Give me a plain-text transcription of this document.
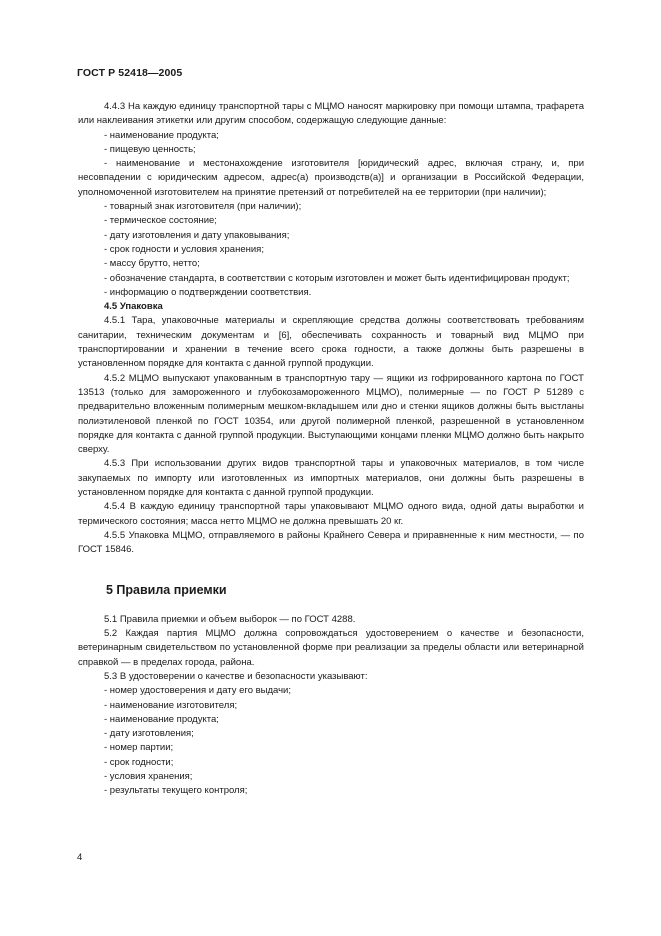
ГОСТ Р 52418—2005

4.4.3 На каждую единицу транспортной тары с МЦМО наносят маркировку при помощи штампа, трафарета или наклеивания этикетки или другим способом, содержащую следующие данные:

- наименование продукта;

- пищевую ценность;

- наименование и местонахождение изготовителя [юридический адрес, включая страну, и, при несовпадении с юридическим адресом, адрес(а) производств(а)] и организации в Российской Федерации, уполномоченной изготовителем на принятие претензий от потребителей на ее территории (при наличии);

- товарный знак изготовителя (при наличии);

- термическое состояние;

- дату изготовления и дату упаковывания;

- срок годности и условия хранения;

- массу брутто, нетто;

- обозначение стандарта, в соответствии с которым изготовлен и может быть идентифицирован продукт;

- информацию о подтверждении соответствия.

4.5 Упаковка

4.5.1 Тара, упаковочные материалы и скрепляющие средства должны соответствовать требованиям санитарии, техническим документам и [6], обеспечивать сохранность и товарный вид МЦМО при транспортировании и хранении в течение всего срока годности, а также должны быть разрешены в установленном порядке для контакта с данной группой продукции.

4.5.2 МЦМО выпускают упакованным в транспортную тару — ящики из гофрированного картона по ГОСТ 13513 (только для замороженного и глубокозамороженного МЦМО), полимерные — по ГОСТ Р 51289 с предварительно вложенным полимерным мешком-вкладышем или дно и стенки ящиков должны быть выстланы полиэтиленовой пленкой по ГОСТ 10354, или другой полимерной пленкой, разрешенной в установленном порядке для контакта с данной группой продукции. Выступающими концами пленки МЦМО должно быть накрыто сверху.

4.5.3 При использовании других видов транспортной тары и упаковочных материалов, в том числе закупаемых по импорту или изготовленных из импортных материалов, они должны быть разрешены в установленном порядке для контакта с данной группой продукции.

4.5.4 В каждую единицу транспортной тары упаковывают МЦМО одного вида, одной даты выработки и термического состояния; масса нетто МЦМО не должна превышать 20 кг.

4.5.5 Упаковка МЦМО, отправляемого в районы Крайнего Севера и приравненные к ним местности, — по ГОСТ 15846.

5 Правила приемки

5.1 Правила приемки и объем выборок — по ГОСТ 4288.

5.2 Каждая партия МЦМО должна сопровождаться удостоверением о качестве и безопасности, ветеринарным свидетельством по установленной форме при реализации за пределы области или ветеринарной справкой — в пределах города, района.

5.3 В удостоверении о качестве и безопасности указывают:

- номер удостоверения и дату его выдачи;

- наименование изготовителя;

- наименование продукта;

- дату изготовления;

- номер партии;

- срок годности;

- условия хранения;

- результаты текущего контроля;

4
